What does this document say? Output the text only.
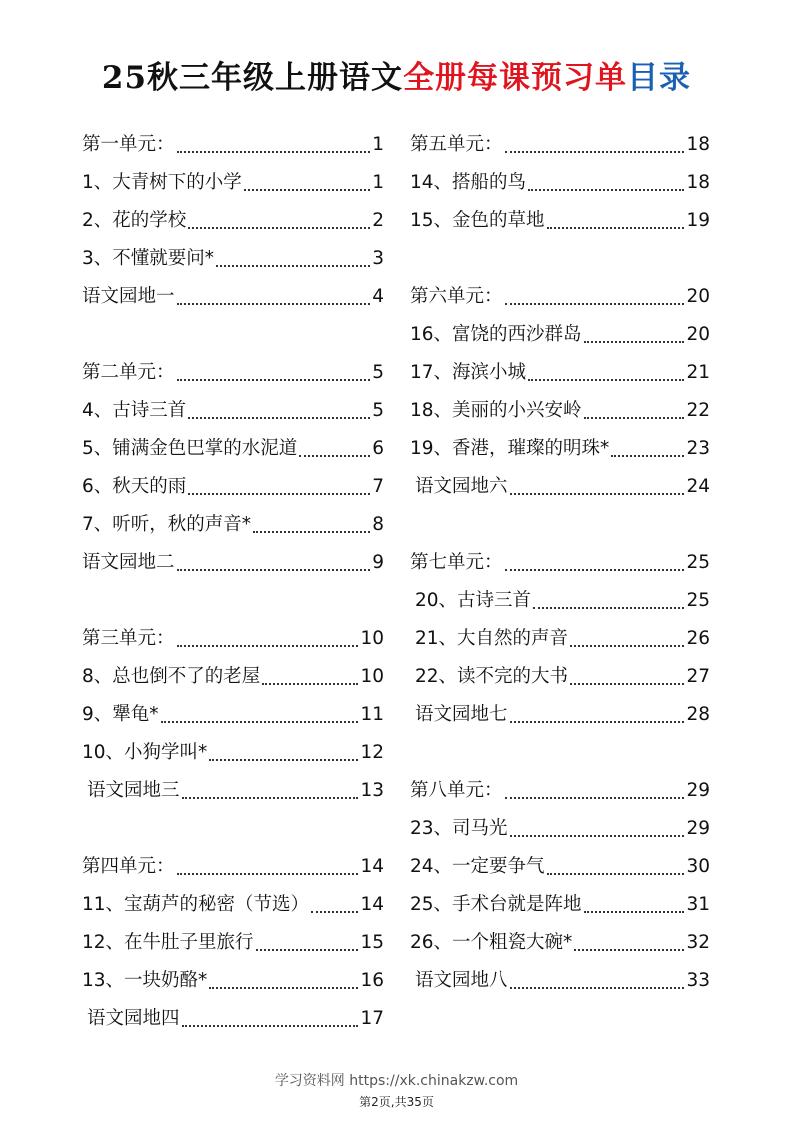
25秋三年级上册语文全册每课预习单目录
第一单元：	1
1、大青树下的小学	1
2、花的学校	2
3、不懂就要问*	3
语文园地一	4
第二单元：	5
4、古诗三首	5
5、铺满金色巴掌的水泥道	6
6、秋天的雨	7
7、听听，秋的声音*	8
语文园地二	9
第三单元：	10
8、总也倒不了的老屋	10
9、犟龟*	11
10、小狗学叫*	12
语文园地三	13
第四单元：	14
11、宝葫芦的秘密（节选）	14
12、在牛肚子里旅行	15
13、一块奶酪*	16
语文园地四	17
第五单元：	18
14、搭船的鸟	18
15、金色的草地	19
第六单元：	20
16、富饶的西沙群岛	20
17、海滨小城	21
18、美丽的小兴安岭	22
19、香港，璀璨的明珠*	23
语文园地六	24
第七单元：	25
20、古诗三首	25
21、大自然的声音	26
22、读不完的大书	27
语文园地七	28
第八单元：	29
23、司马光	29
24、一定要争气	30
25、手术台就是阵地	31
26、一个粗瓷大碗*	32
语文园地八	33
学习资料网 https://xk.chinakzw.com
第2页,共35页
